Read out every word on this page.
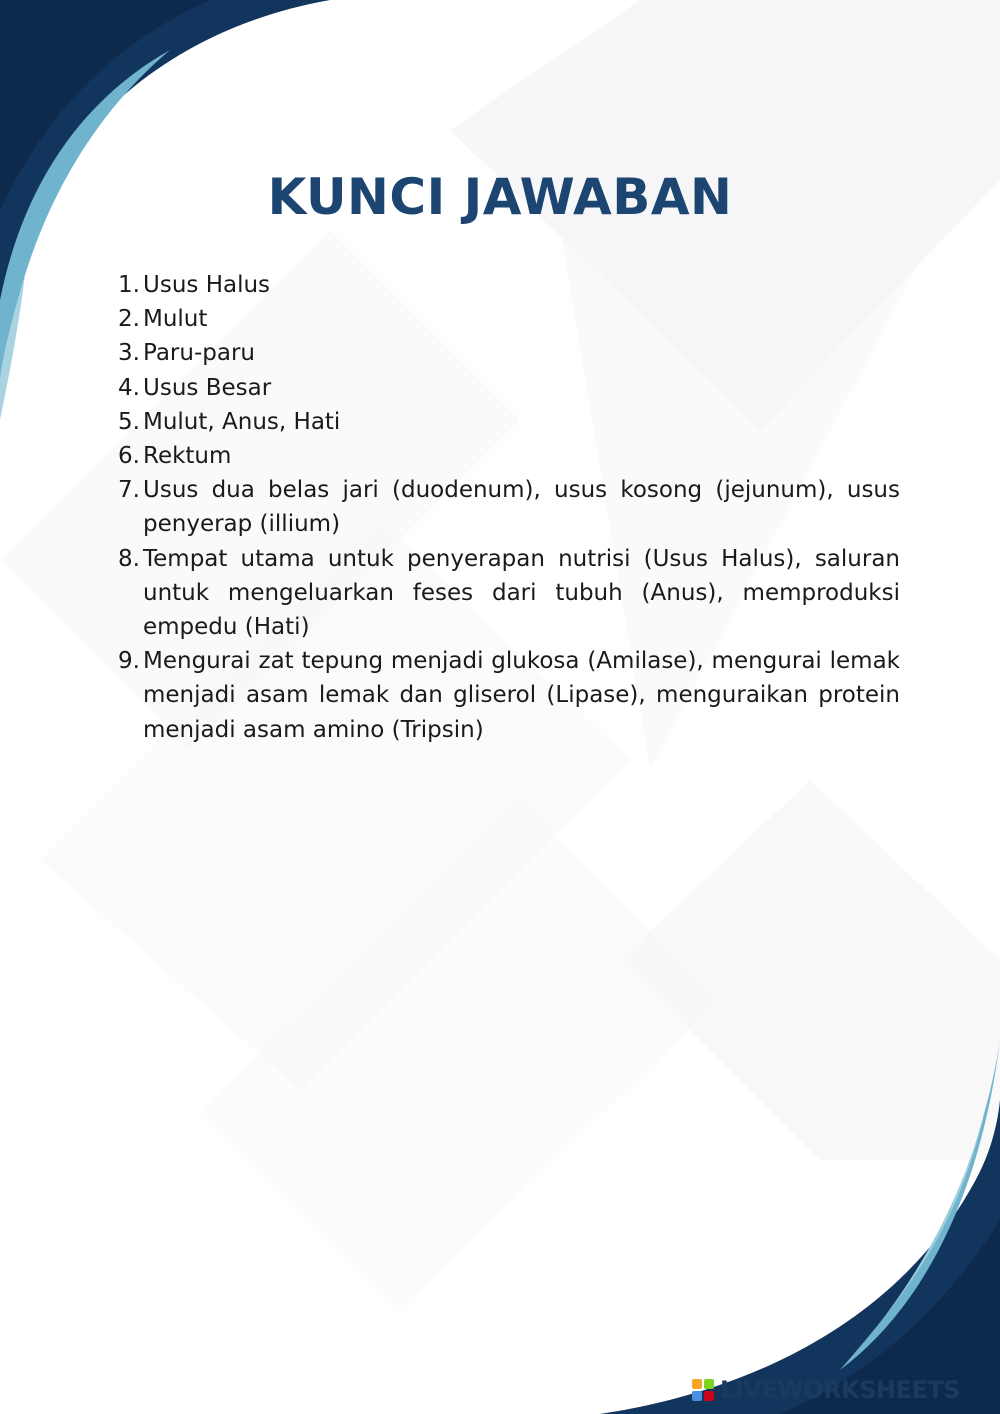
KUNCI JAWABAN
1. Usus Halus
2. Mulut
3. Paru-paru
4. Usus Besar
5. Mulut, Anus, Hati
6. Rektum
7. Usus dua belas jari (duodenum), usus kosong (jejunum), usus penyerap (illium)
8. Tempat utama untuk penyerapan nutrisi (Usus Halus), saluran untuk mengeluarkan feses dari tubuh (Anus), memproduksi empedu (Hati)
9. Mengurai zat tepung menjadi glukosa (Amilase), mengurai lemak menjadi asam lemak dan gliserol (Lipase), menguraikan protein menjadi asam amino (Tripsin)
LIVEWORKSHEETS
